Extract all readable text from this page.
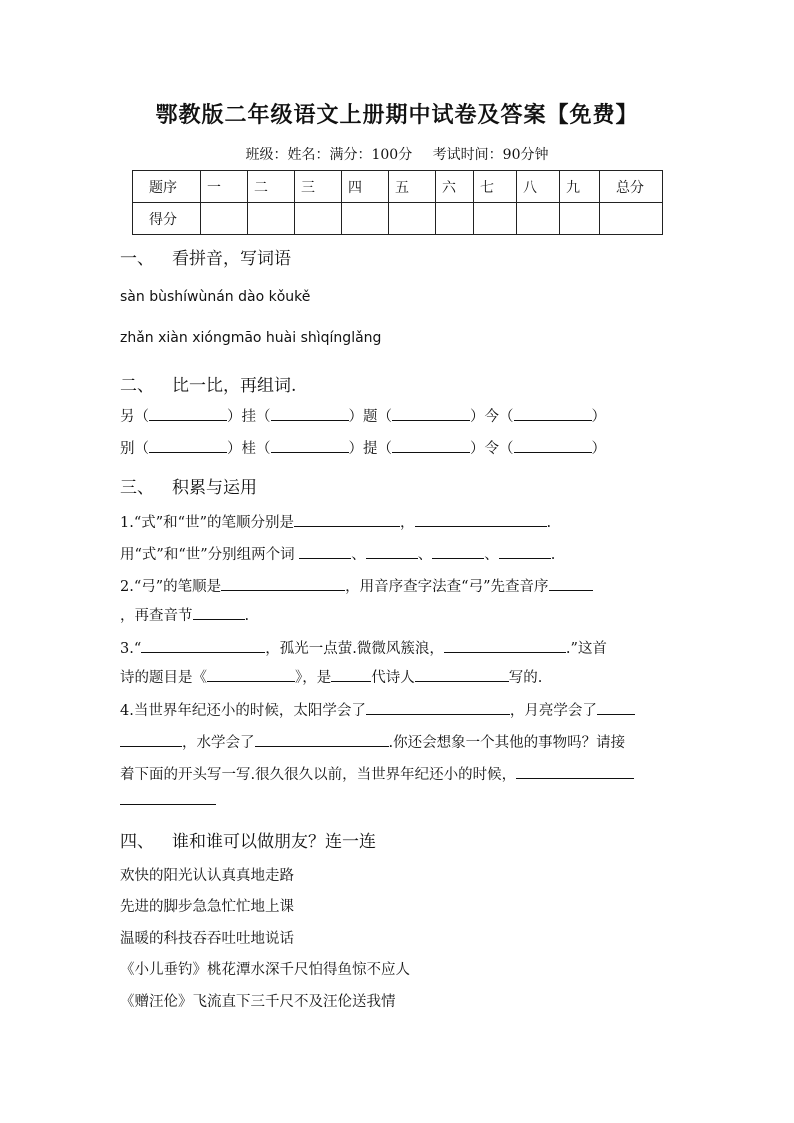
鄂教版二年级语文上册期中试卷及答案【免费】
班级：姓名：满分：100分 考试时间：90分钟
题序	一	二	三	四	五	六	七	八	九	总分
得分										
一、 看拼音，写词语
sàn bùshíwùnán dào kǒukě
zhǎn xiàn xióngmāo huài shìqínglǎng
二、 比一比，再组词.
另（	）挂（	）题（	）今（	）
别（	）桂（	）提（	）令（	）
三、 积累与运用
1.“式”和“世”的笔顺分别是	，	.
用“式”和“世”分别组两个词	、	、	、	.
2.“弓”的笔顺是	，用音序查字法查“弓”先查音序
，再查音节	.
3.“	，孤光一点萤.微微风簇浪，	.”这首
诗的题目是《	》，是	代诗人	写的.
4.当世界年纪还小的时候，太阳学会了	，月亮学会了
，水学会了	.你还会想象一个其他的事物吗？请接
着下面的开头写一写.很久很久以前，当世界年纪还小的时候，
四、 谁和谁可以做朋友？连一连
欢快的阳光认认真真地走路
先进的脚步急急忙忙地上课
温暖的科技吞吞吐吐地说话
《小儿垂钓》桃花潭水深千尺怕得鱼惊不应人
《赠汪伦》飞流直下三千尺不及汪伦送我情
